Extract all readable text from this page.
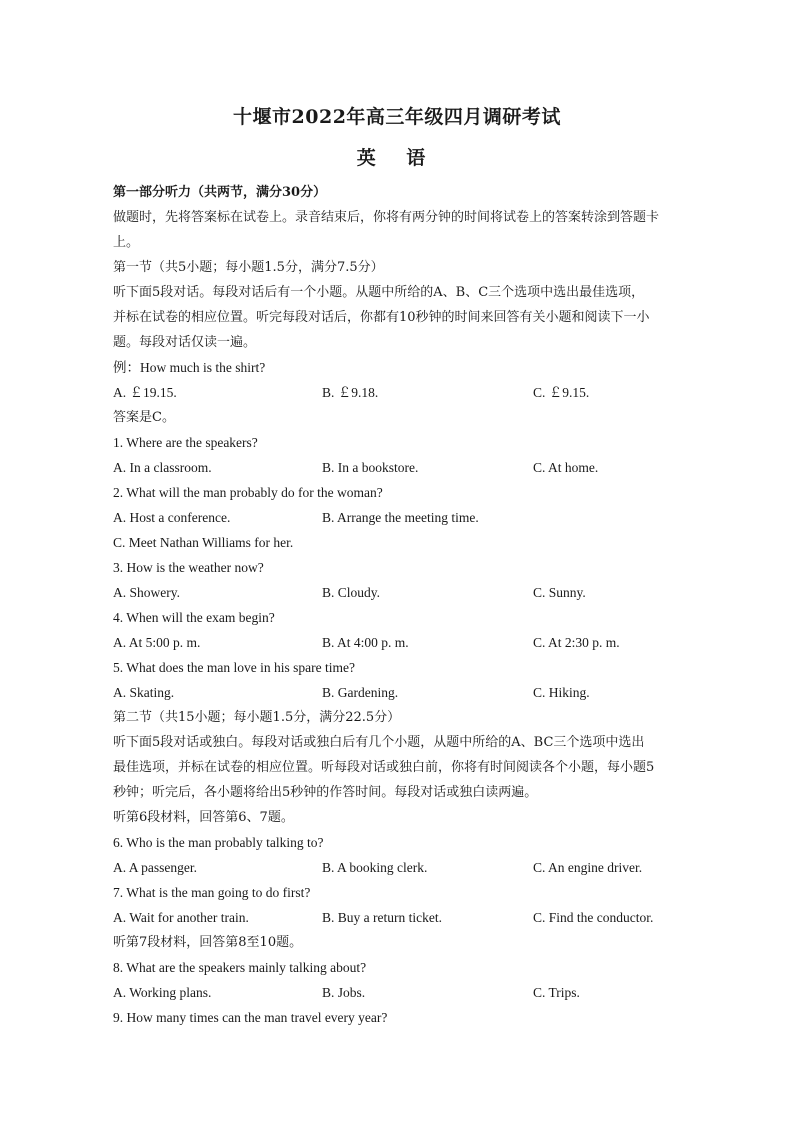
十堰市2022年高三年级四月调研考试
英 语
第一部分听力（共两节，满分30分）
做题时，先将答案标在试卷上。录音结束后，你将有两分钟的时间将试卷上的答案转涂到答题卡
上。
第一节（共5小题；每小题1.5分，满分7.5分）
听下面5段对话。每段对话后有一个小题。从题中所给的A、B、C三个选项中选出最佳选项，
并标在试卷的相应位置。听完每段对话后，你都有10秒钟的时间来回答有关小题和阅读下一小
题。每段对话仅读一遍。
例：How much is the shirt?
A. ￡19.15.	B. ￡9.18.	C. ￡9.15.
答案是C。
1. Where are the speakers?
A. In a classroom.	B. In a bookstore.	C. At home.
2. What will the man probably do for the woman?
A. Host a conference.	B. Arrange the meeting time.
C. Meet Nathan Williams for her.
3. How is the weather now?
A. Showery.	B. Cloudy.	C. Sunny.
4. When will the exam begin?
A. At 5:00 p. m.	B. At 4:00 p. m.	C. At 2:30 p. m.
5. What does the man love in his spare time?
A. Skating.	B. Gardening.	C. Hiking.
第二节（共15小题；每小题1.5分，满分22.5分）
听下面5段对话或独白。每段对话或独白后有几个小题，从题中所给的A、BC三个选项中选出
最佳选项，并标在试卷的相应位置。听每段对话或独白前，你将有时间阅读各个小题，每小题5
秒钟；听完后，各小题将给出5秒钟的作答时间。每段对话或独白读两遍。
听第6段材料，回答第6、7题。
6. Who is the man probably talking to?
A. A passenger.	B. A booking clerk.	C. An engine driver.
7. What is the man going to do first?
A. Wait for another train.	B. Buy a return ticket.	C. Find the conductor.
听第7段材料，回答第8至10题。
8. What are the speakers mainly talking about?
A. Working plans.	B. Jobs.	C. Trips.
9. How many times can the man travel every year?
